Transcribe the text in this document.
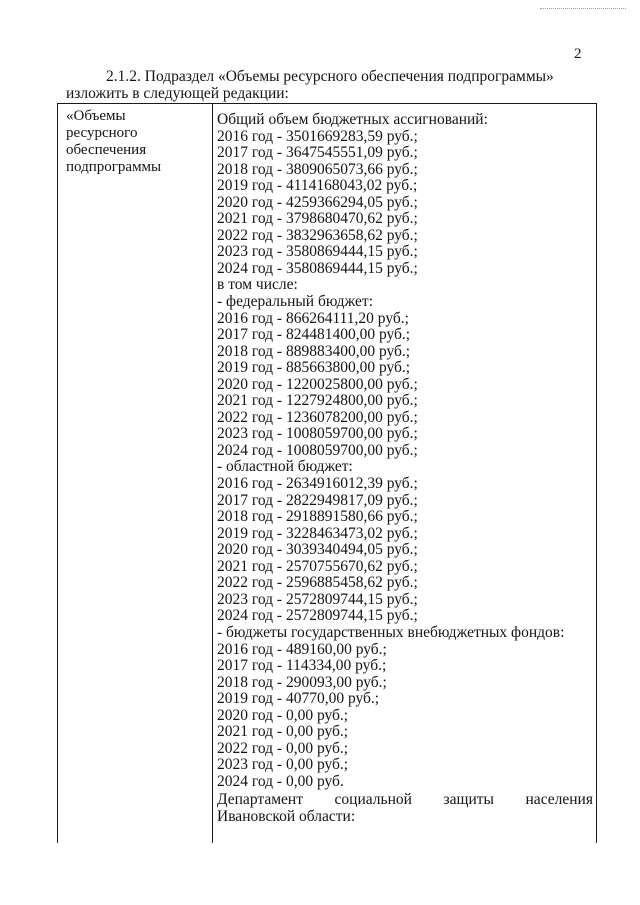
2
2.1.2. Подраздел «Объемы ресурсного обеспечения подпрограммы»
изложить в следующей редакции:
«Объемы
ресурсного
обеспечения
подпрограммы
Общий объем бюджетных ассигнований:
2016 год - 3501669283,59 руб.;
2017 год - 3647545551,09 руб.;
2018 год - 3809065073,66 руб.;
2019 год - 4114168043,02 руб.;
2020 год - 4259366294,05 руб.;
2021 год - 3798680470,62 руб.;
2022 год - 3832963658,62 руб.;
2023 год - 3580869444,15 руб.;
2024 год - 3580869444,15 руб.;
в том числе:
- федеральный бюджет:
2016 год - 866264111,20 руб.;
2017 год - 824481400,00 руб.;
2018 год - 889883400,00 руб.;
2019 год - 885663800,00 руб.;
2020 год - 1220025800,00 руб.;
2021 год - 1227924800,00 руб.;
2022 год - 1236078200,00 руб.;
2023 год - 1008059700,00 руб.;
2024 год - 1008059700,00 руб.;
- областной бюджет:
2016 год - 2634916012,39 руб.;
2017 год - 2822949817,09 руб.;
2018 год - 2918891580,66 руб.;
2019 год - 3228463473,02 руб.;
2020 год - 3039340494,05 руб.;
2021 год - 2570755670,62 руб.;
2022 год - 2596885458,62 руб.;
2023 год - 2572809744,15 руб.;
2024 год - 2572809744,15 руб.;
- бюджеты государственных внебюджетных фондов:
2016 год - 489160,00 руб.;
2017 год - 114334,00 руб.;
2018 год - 290093,00 руб.;
2019 год - 40770,00 руб.;
2020 год - 0,00 руб.;
2021 год - 0,00 руб.;
2022 год - 0,00 руб.;
2023 год - 0,00 руб.;
2024 год - 0,00 руб.
Департамент социальной защиты населения
Ивановской области:
